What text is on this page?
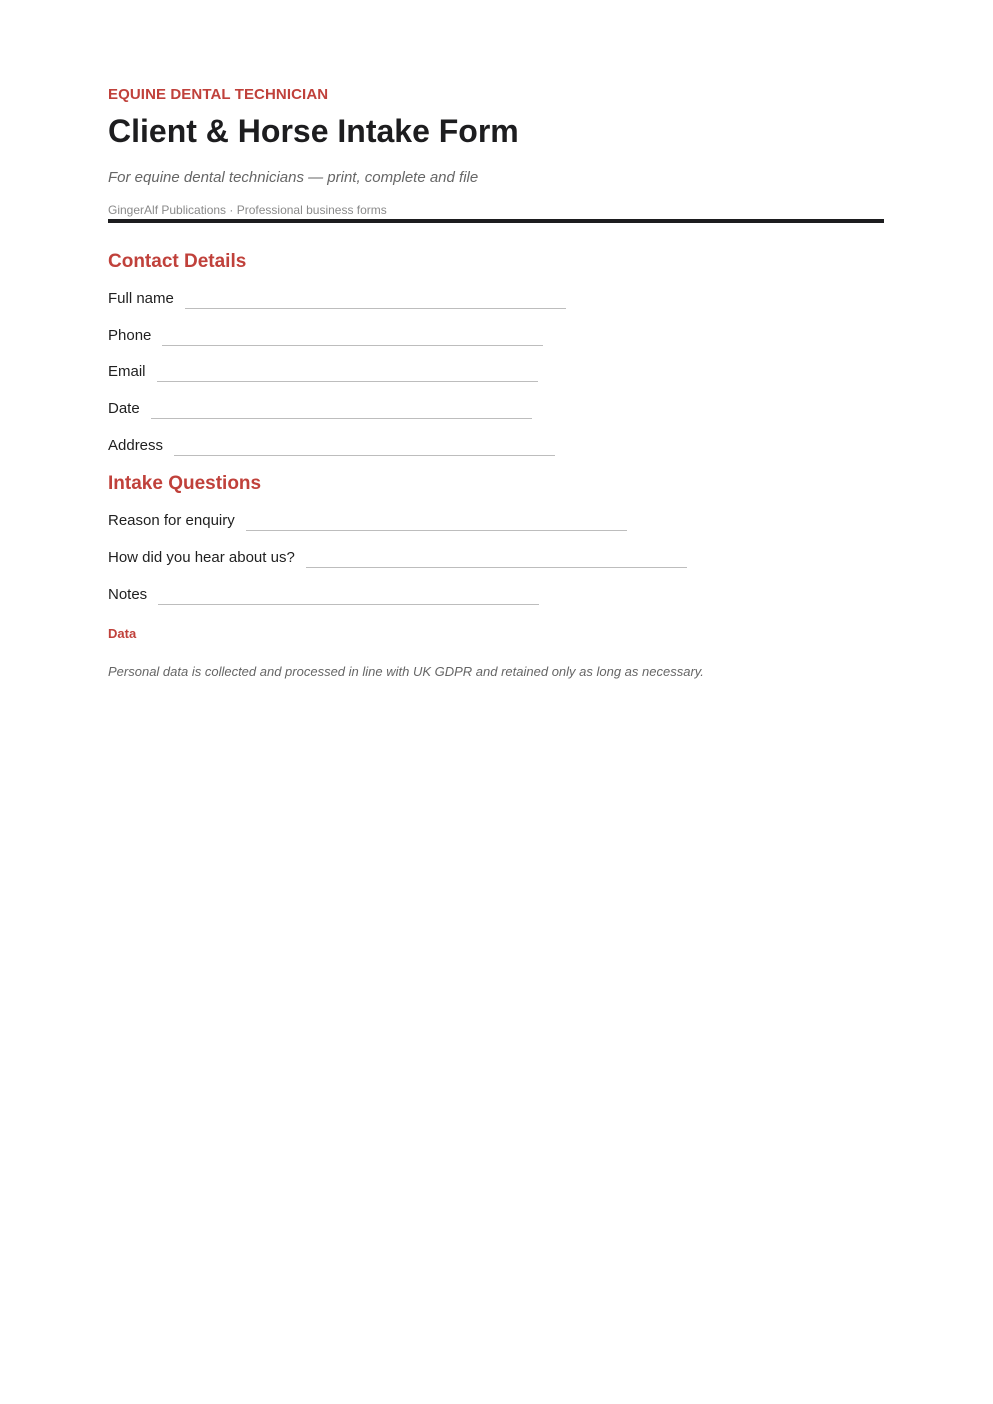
EQUINE DENTAL TECHNICIAN
Client & Horse Intake Form
For equine dental technicians — print, complete and file
GingerAlf Publications · Professional business forms
Contact Details
Full name
Phone
Email
Date
Address
Intake Questions
Reason for enquiry
How did you hear about us?
Notes
Data
Personal data is collected and processed in line with UK GDPR and retained only as long as necessary.
